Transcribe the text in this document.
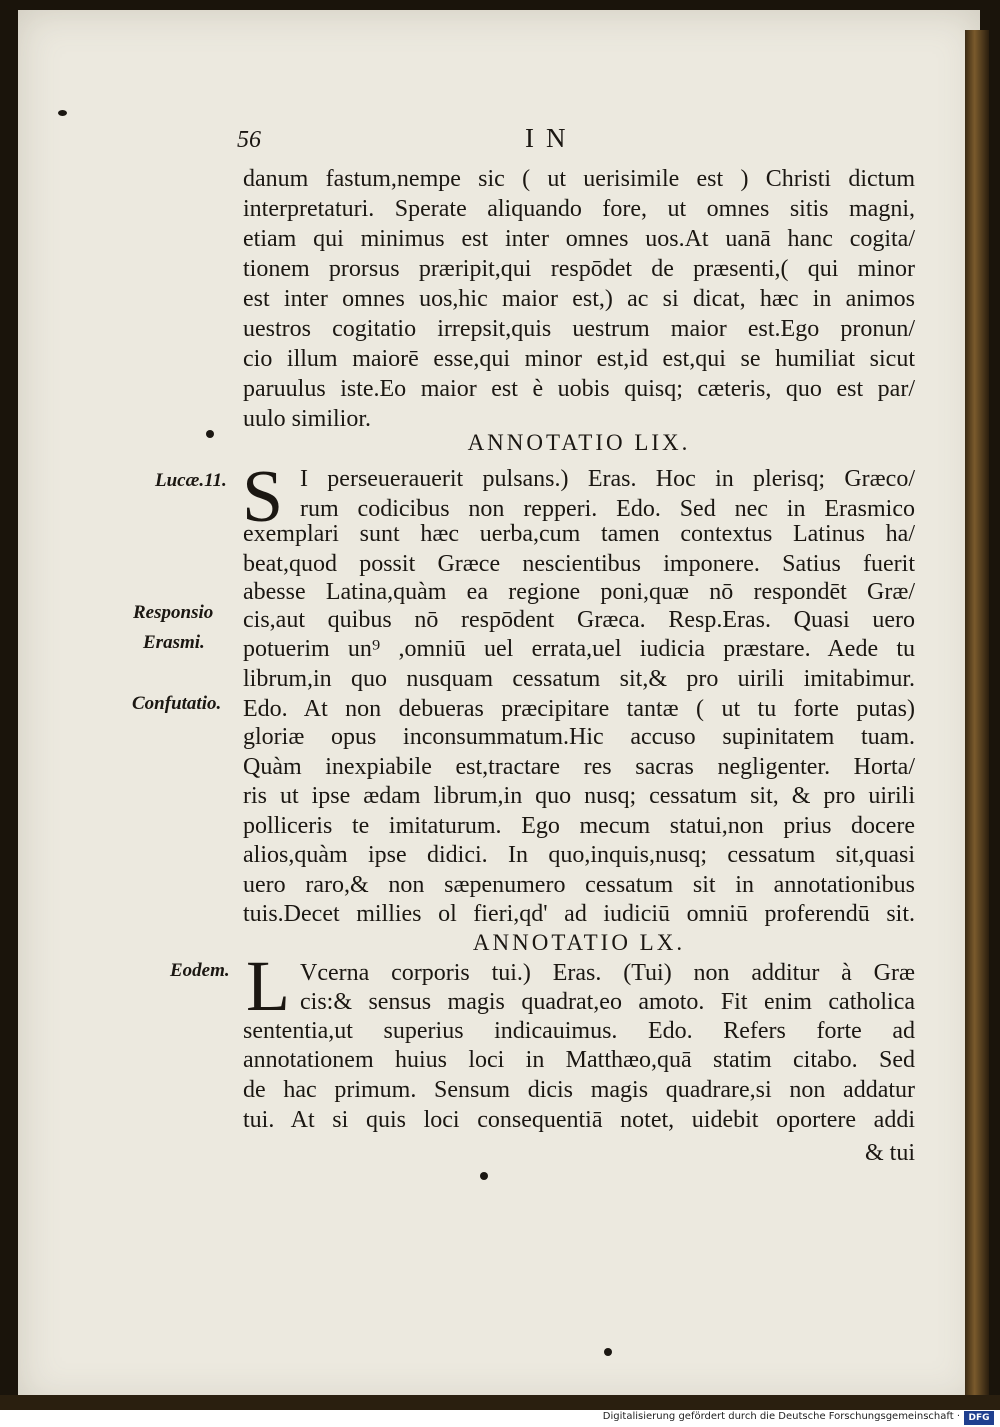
56	IN
danum fastum,nempe sic ( ut uerisimile est ) Christi dictum
interpretaturi. Sperate aliquando fore, ut omnes sitis magni,
etiam qui minimus est inter omnes uos.At uanā hanc cogita/
tionem prorsus præripit,qui respōdet de præsenti,( qui minor
est inter omnes uos,hic maior est,) ac si dicat, hæc in animos
uestros cogitatio irrepsit,quis uestrum maior est.Ego pronun/
cio illum maiorē esse,qui minor est,id est,qui se humiliat sicut
paruulus iste.Eo maior est è uobis quisq; cæteris, quo est par/
uulo similior.
ANNOTATIO LIX.
Lucæ.11. S I perseuerauerit pulsans.) Eras. Hoc in plerisq; Græco/
rum codicibus non repperi. Edo. Sed nec in Erasmico
exemplari sunt hæc uerba,cum tamen contextus Latinus ha/
beat,quod possit Græce nescientibus imponere. Satius fuerit
abesse Latina,quàm ea regione poni,quæ nō respondēt Græ/
cis,aut quibus nō respōdent Græca. Resp.Eras. Quasi uero
potuerim un⁹ ,omniū uel errata,uel iudicia præstare. Aede tu
librum,in quo nusquam cessatum sit,& pro uirili imitabimur.
Edo. At non debueras præcipitare tantæ ( ut tu forte putas)
gloriæ opus inconsummatum.Hic accuso supinitatem tuam.
Quàm inexpiabile est,tractare res sacras negligenter. Horta/
ris ut ipse ædam librum,in quo nusq; cessatum sit, & pro uirili
polliceris te imitaturum. Ego mecum statui,non prius docere
alios,quàm ipse didici. In quo,inquis,nusq; cessatum sit,quasi
uero raro,& non sæpenumero cessatum sit in annotationibus
tuis.Decet millies ol fieri,qd' ad iudiciū omniū proferendū sit.
Responsio
Erasmi.
Confutatio.
ANNOTATIO LX.
Eodem. L Vcerna corporis tui.) Eras. (Tui) non additur à Græ
cis:& sensus magis quadrat,eo amoto. Fit enim catholica
sententia,ut superius indicauimus. Edo. Refers forte ad
annotationem huius loci in Matthæo,quā statim citabo. Sed
de hac primum. Sensum dicis magis quadrare,si non addatur
tui. At si quis loci consequentiā notet, uidebit oportere addi
& tui
Digitalisierung gefördert durch die Deutsche Forschungsgemeinschaft · DFG
